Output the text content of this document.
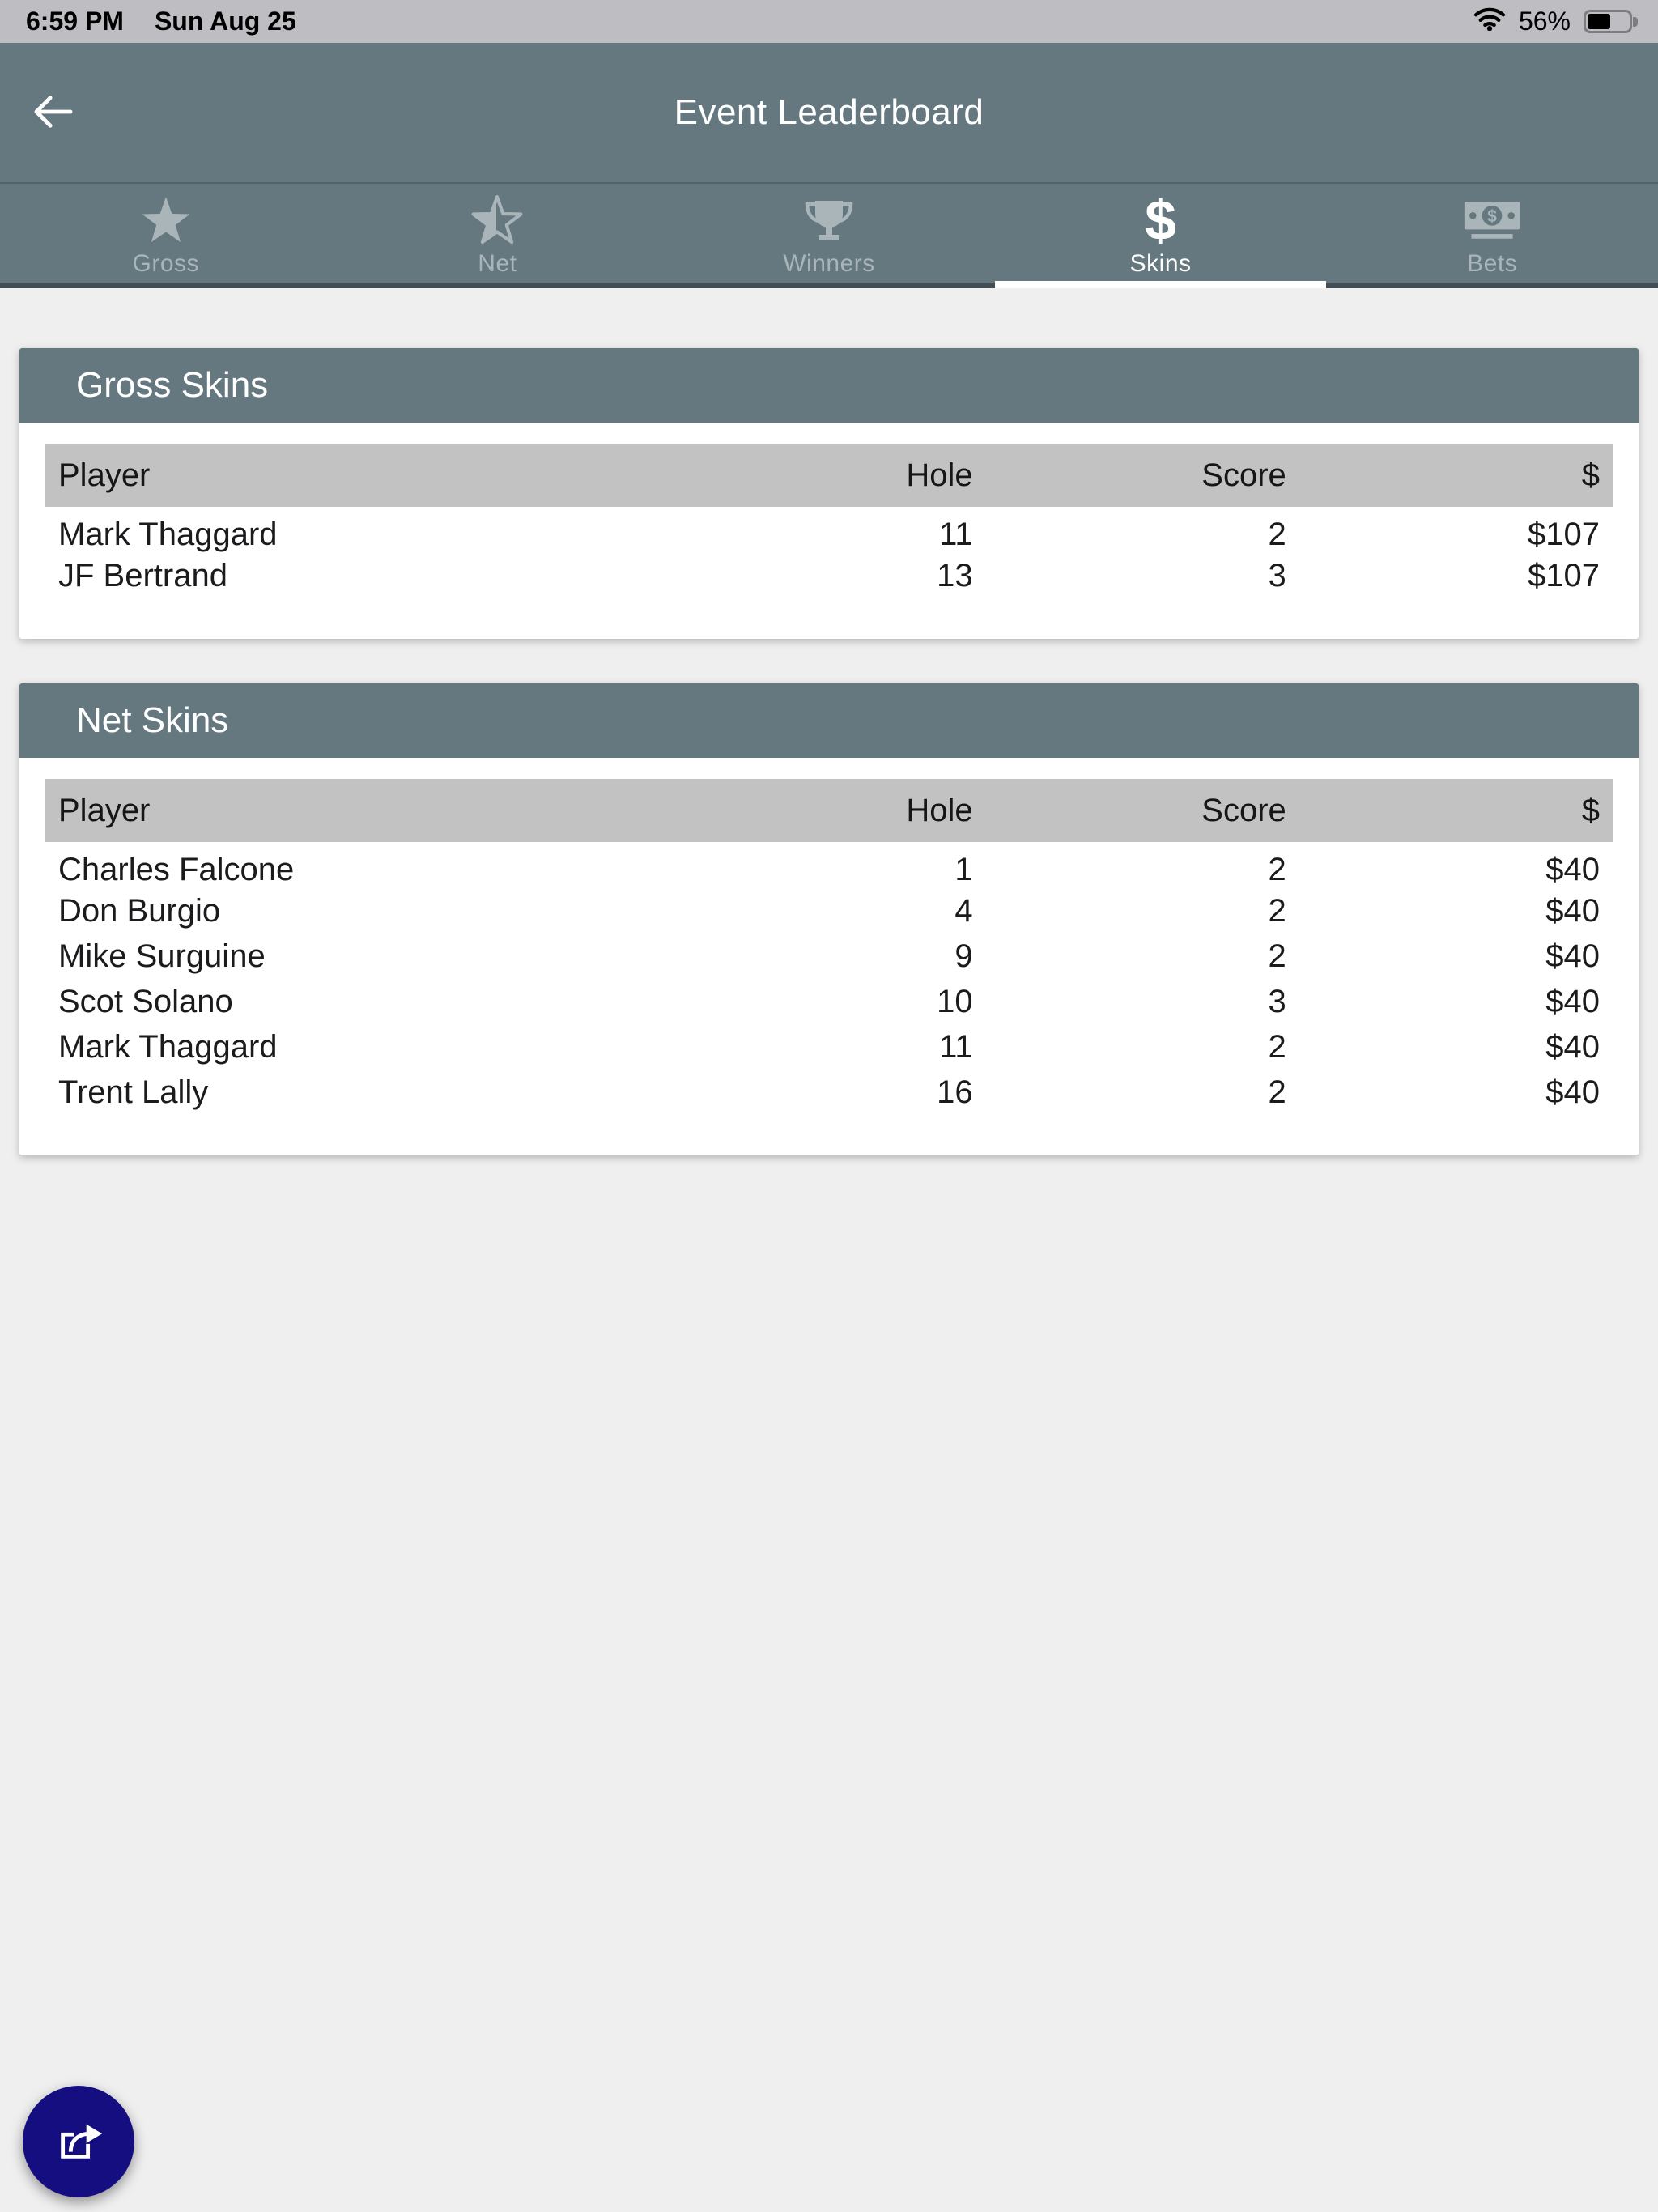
6:59 PM Sun Aug 25	56%
Event Leaderboard
Gross	Net	Winners
$
Skins
$
Bets
Gross Skins
Player	Hole	Score	$
Mark Thaggard	11	2	$107
JF Bertrand	13	3	$107
Net Skins
Player	Hole	Score	$
Charles Falcone	1	2	$40
Don Burgio	4	2	$40
Mike Surguine	9	2	$40
Scot Solano	10	3	$40
Mark Thaggard	11	2	$40
Trent Lally	16	2	$40
